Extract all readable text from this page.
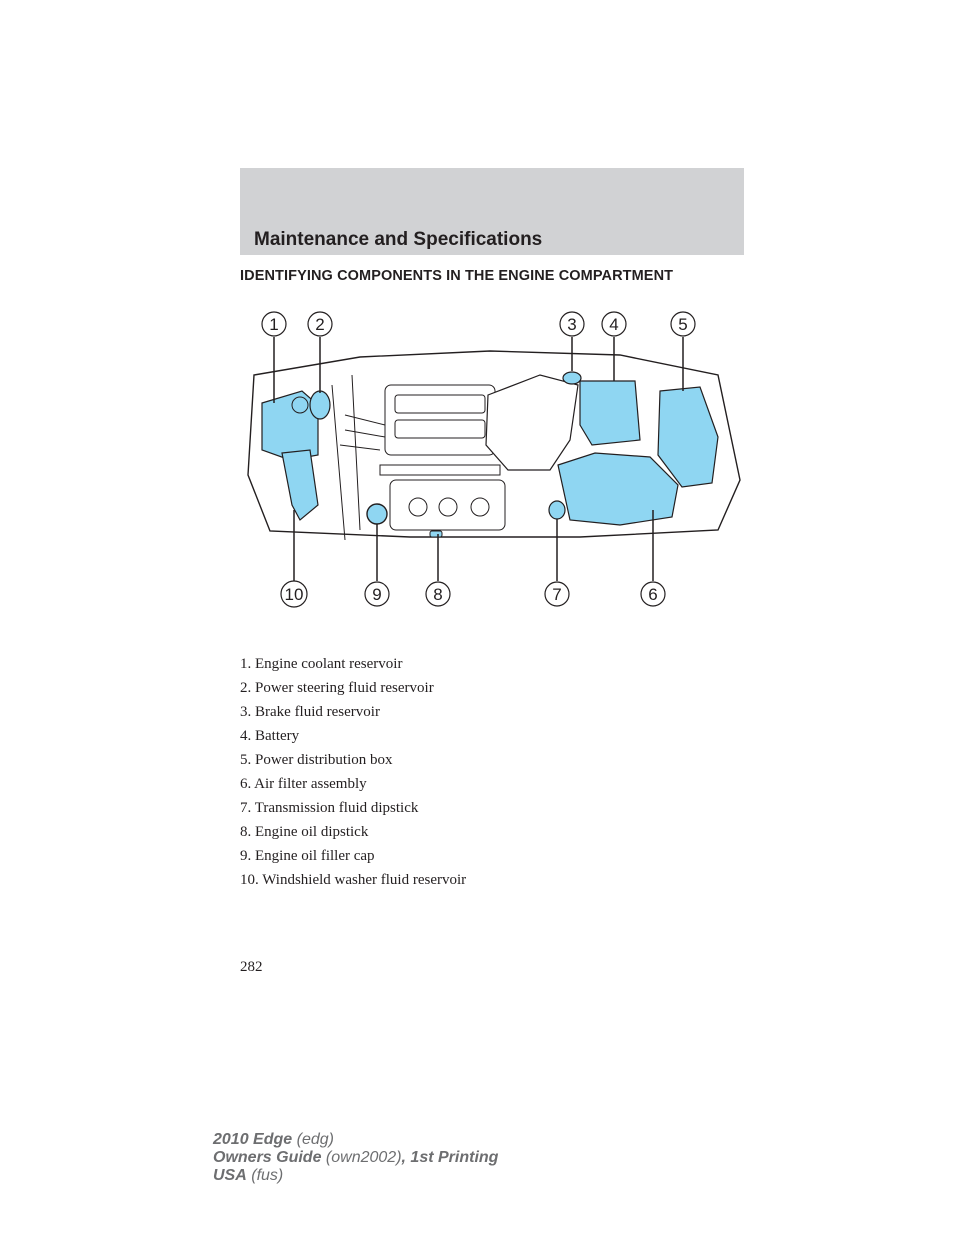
Maintenance and Specifications
IDENTIFYING COMPONENTS IN THE ENGINE COMPARTMENT
1 2	3 4	5
10	9	8	7	6
1. Engine coolant reservoir
2. Power steering fluid reservoir
3. Brake fluid reservoir
4. Battery
5. Power distribution box
6. Air filter assembly
7. Transmission fluid dipstick
8. Engine oil dipstick
9. Engine oil filler cap
10. Windshield washer fluid reservoir
282
2010 Edge (edg)
Owners Guide (own2002), 1st Printing
USA (fus)
